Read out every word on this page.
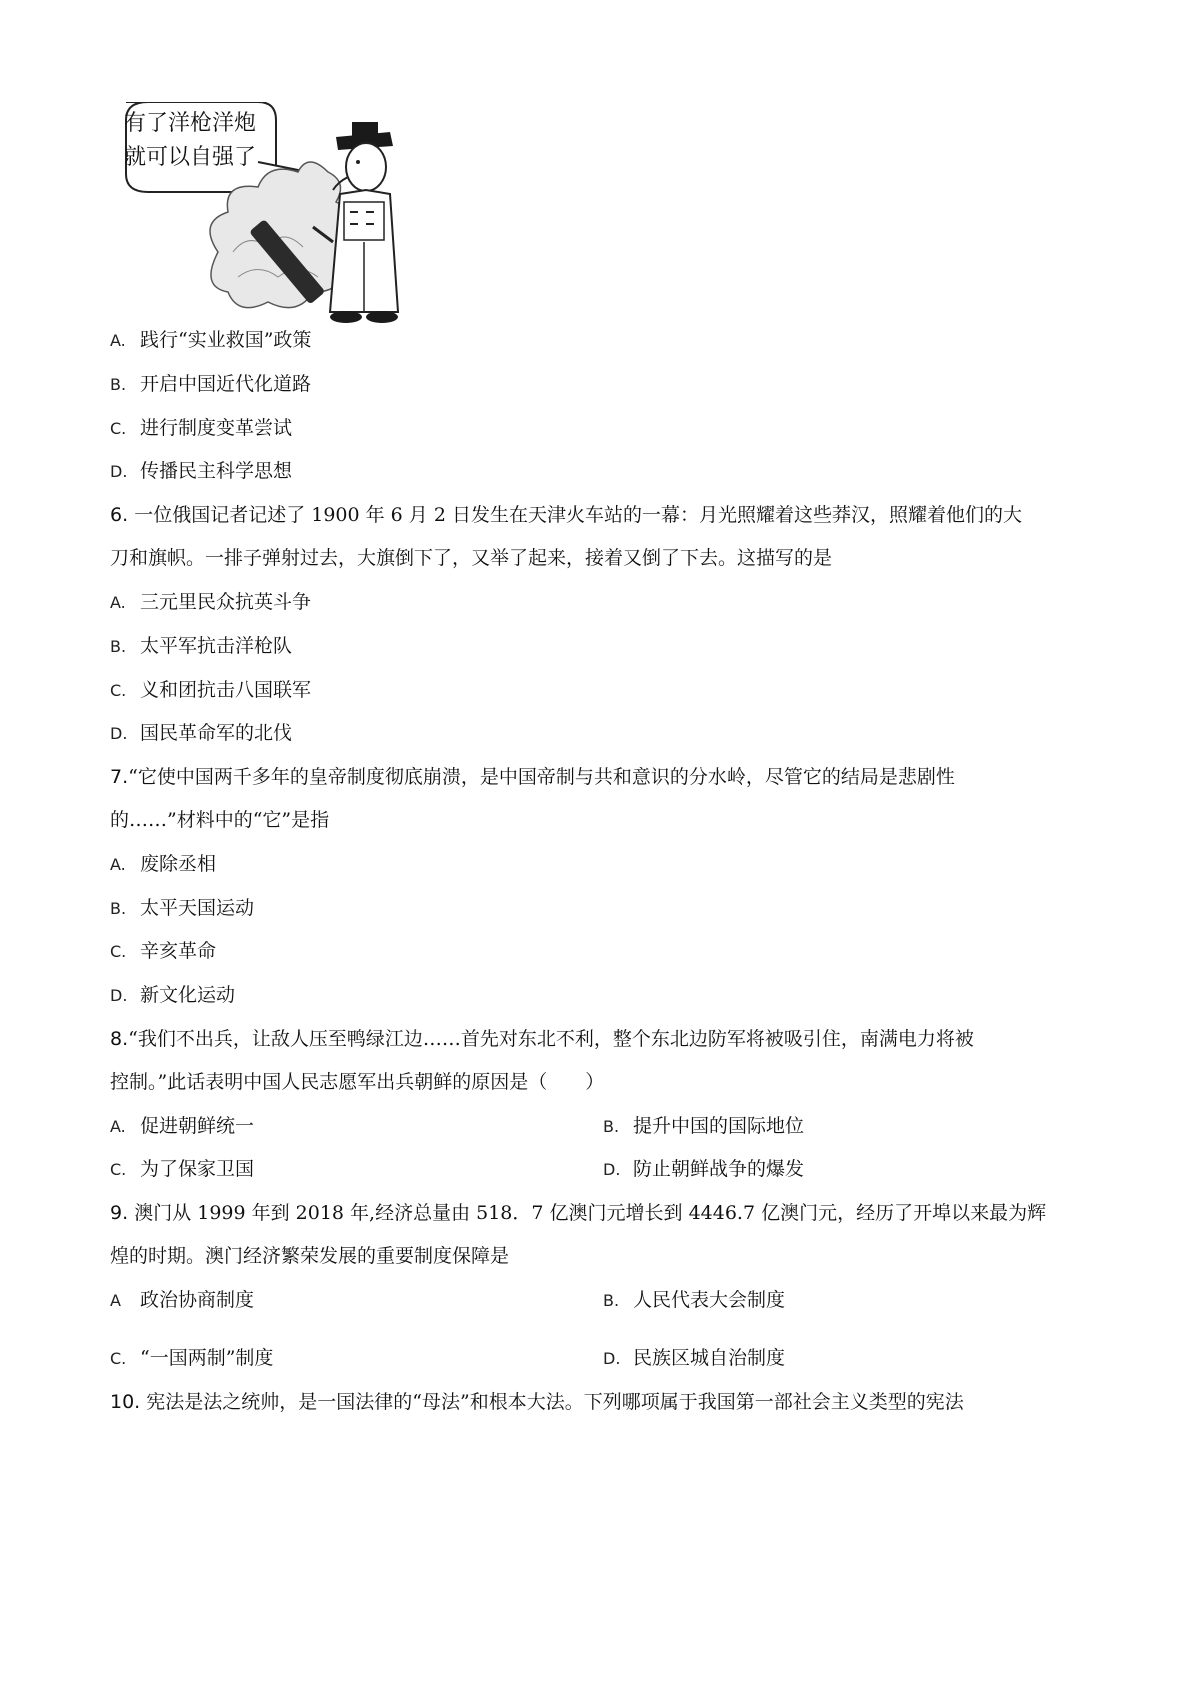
有了洋枪洋炮
就可以自强了
A. 践行“实业救国”政策
B. 开启中国近代化道路
C. 进行制度变革尝试
D. 传播民主科学思想
6. 一位俄国记者记述了 1900 年 6 月 2 日发生在天津火车站的一幕：月光照耀着这些莽汉，照耀着他们的大
刀和旗帜。一排子弹射过去，大旗倒下了，又举了起来，接着又倒了下去。这描写的是
A. 三元里民众抗英斗争
B. 太平军抗击洋枪队
C. 义和团抗击八国联军
D. 国民革命军的北伐
7.“它使中国两千多年的皇帝制度彻底崩溃，是中国帝制与共和意识的分水岭，尽管它的结局是悲剧性
的……”材料中的“它”是指
A. 废除丞相
B. 太平天国运动
C. 辛亥革命
D. 新文化运动
8.“我们不出兵，让敌人压至鸭绿江边……首先对东北不利，整个东北边防军将被吸引住，南满电力将被
控制。”此话表明中国人民志愿军出兵朝鲜的原因是（　　）
A. 促进朝鲜统一	B. 提升中国的国际地位
C. 为了保家卫国	D. 防止朝鲜战争的爆发
9. 澳门从 1999 年到 2018 年,经济总量由 518．7 亿澳门元增长到 4446.7 亿澳门元，经历了开埠以来最为辉
煌的时期。澳门经济繁荣发展的重要制度保障是
A 政治协商制度	B. 人民代表大会制度
C. “一国两制”制度	D. 民族区城自治制度
10. 宪法是法之统帅，是一国法律的“母法”和根本大法。下列哪项属于我国第一部社会主义类型的宪法
